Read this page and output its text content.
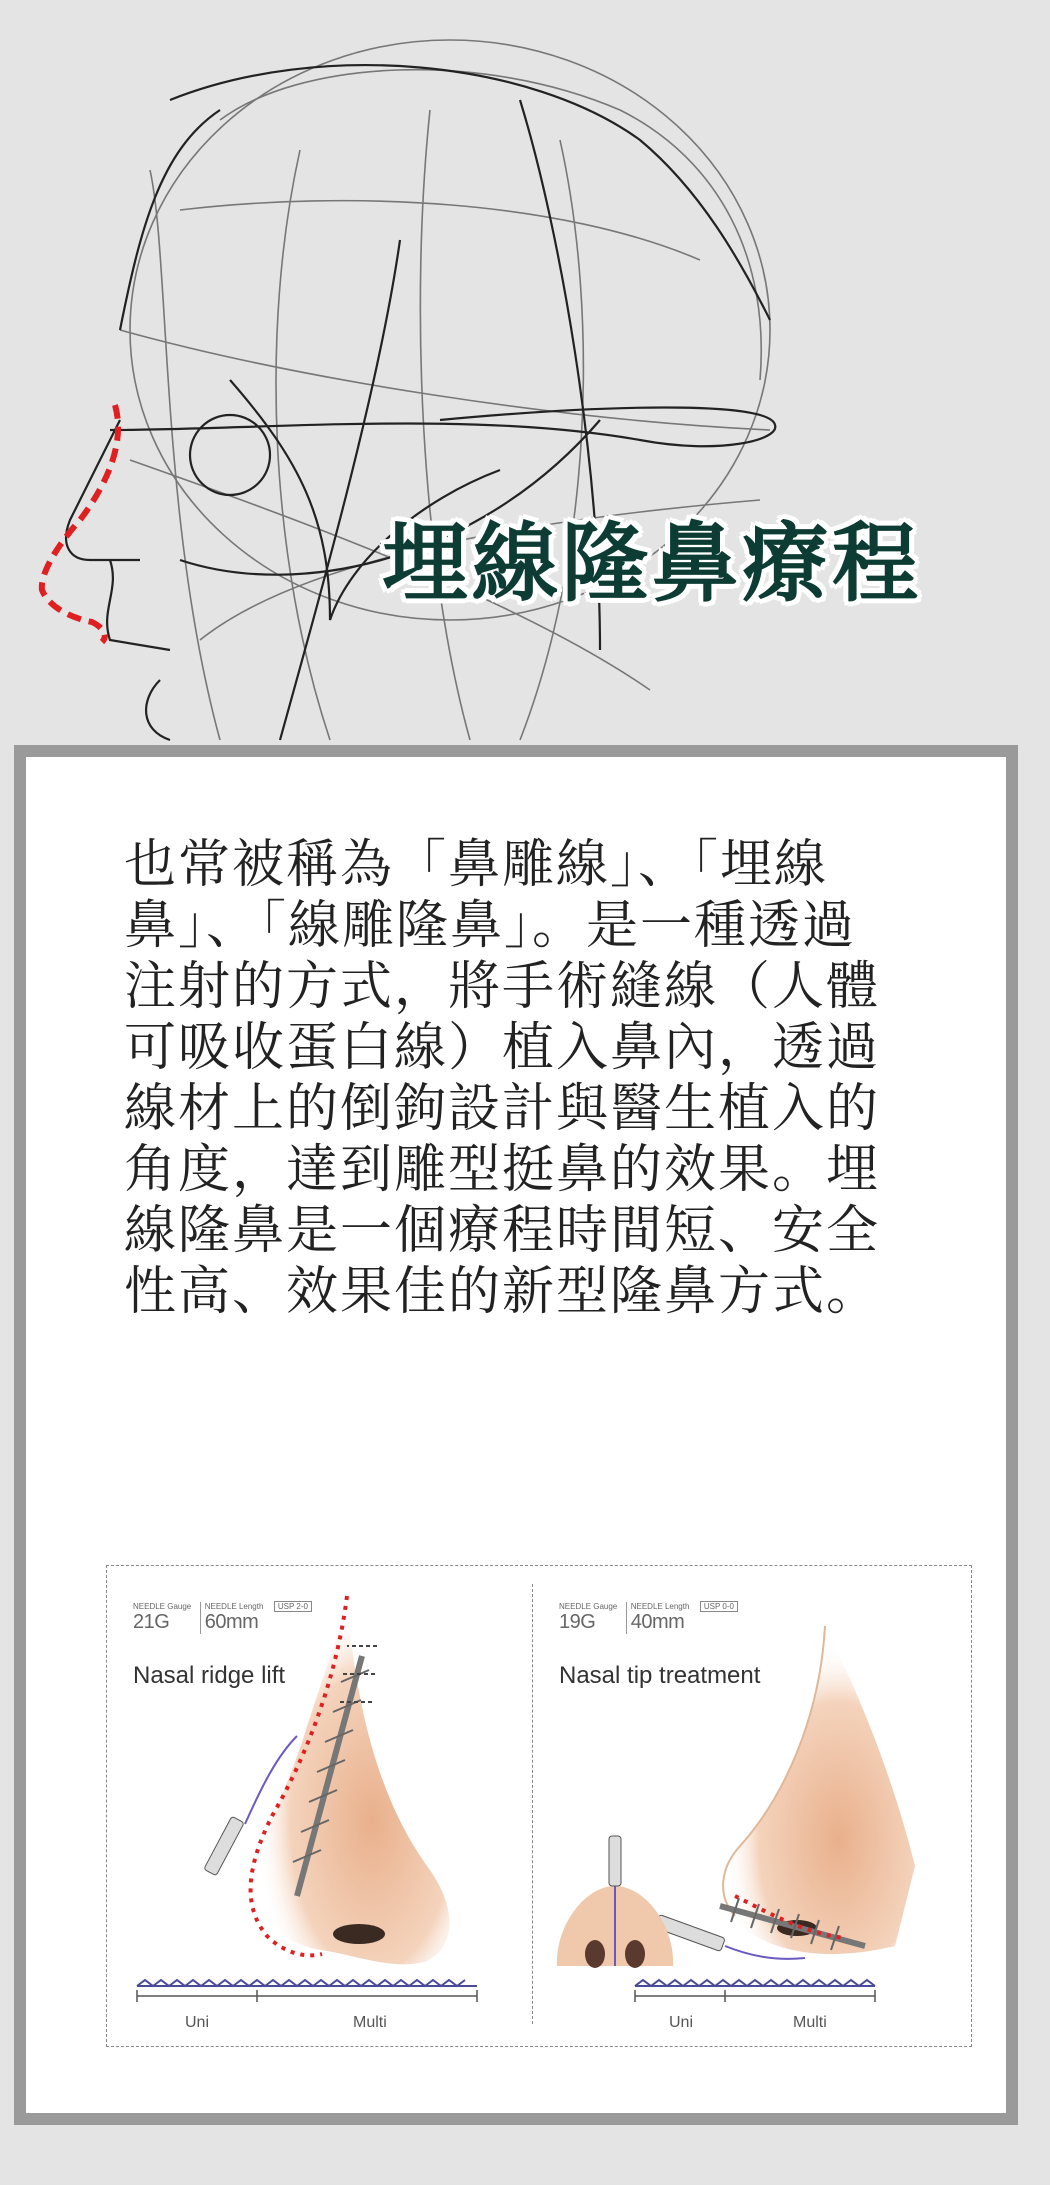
埋線隆鼻療程

也常被稱為「鼻雕線」、「埋線鼻」、「線雕隆鼻」。是一種透過注射的方式，將手術縫線（人體可吸收蛋白線）植入鼻內，透過線材上的倒鉤設計與醫生植入的角度，達到雕型挺鼻的效果。埋線隆鼻是一個療程時間短、安全性高、效果佳的新型隆鼻方式。

NEEDLE Gauge
21G
NEEDLE Length
60mm $^{USP 2-0}$
Nasal ridge lift
Uni	Multi
NEEDLE Gauge
19G
NEEDLE Length
40mm $^{USP 0-0}$
Nasal tip treatment
Uni	Multi
